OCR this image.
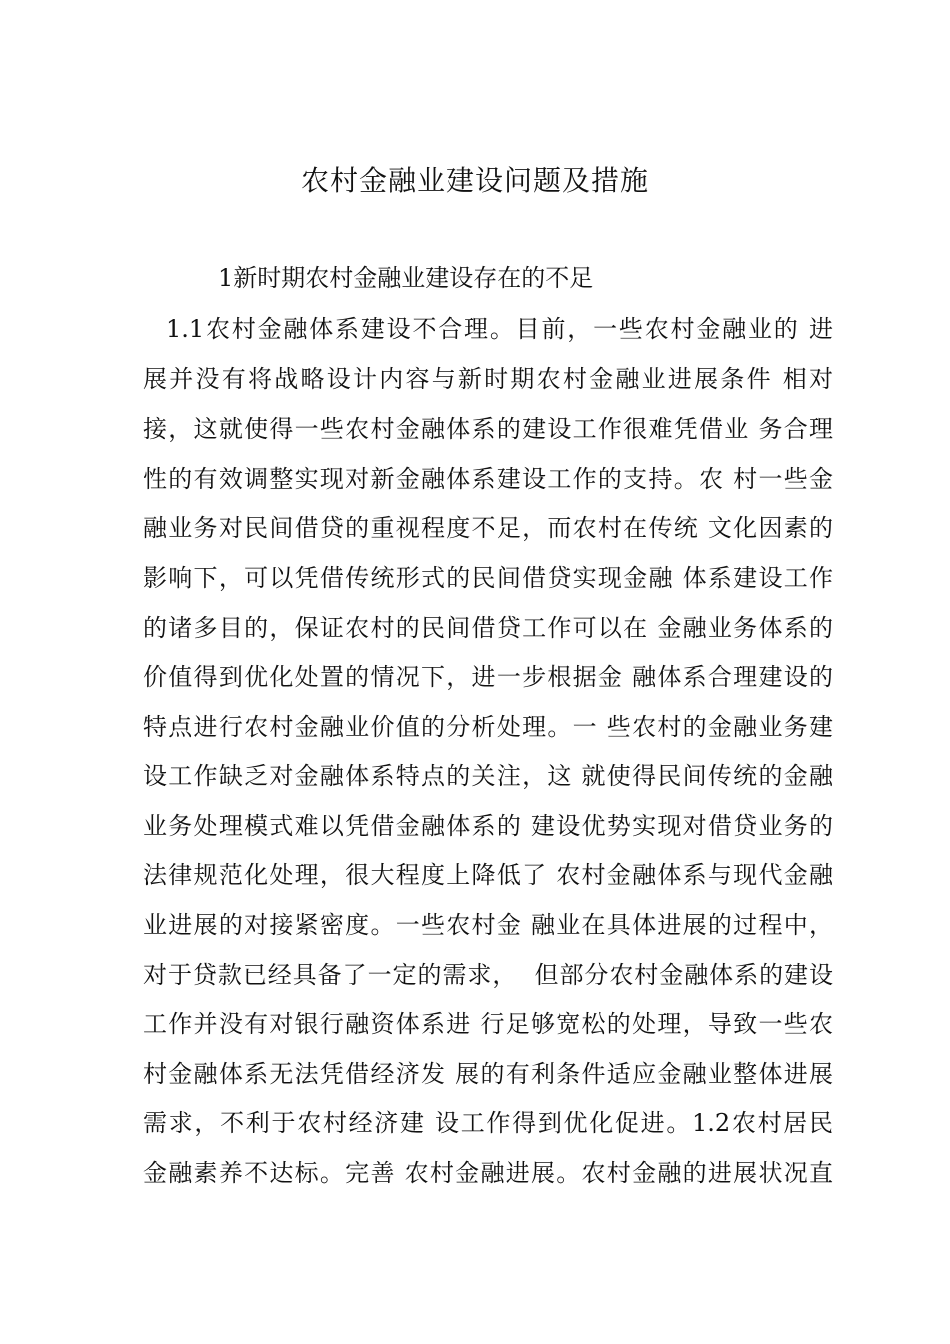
农村金融业建设问题及措施
1新时期农村金融业建设存在的不足
1.1农村金融体系建设不合理。目前，一些农村金融业的 进
展并没有将战略设计内容与新时期农村金融业进展条件 相对
接，这就使得一些农村金融体系的建设工作很难凭借业 务合理
性的有效调整实现对新金融体系建设工作的支持。农 村一些金
融业务对民间借贷的重视程度不足，而农村在传统 文化因素的
影响下，可以凭借传统形式的民间借贷实现金融 体系建设工作
的诸多目的，保证农村的民间借贷工作可以在 金融业务体系的
价值得到优化处置的情况下，进一步根据金 融体系合理建设的
特点进行农村金融业价值的分析处理。一 些农村的金融业务建
设工作缺乏对金融体系特点的关注，这 就使得民间传统的金融
业务处理模式难以凭借金融体系的 建设优势实现对借贷业务的
法律规范化处理，很大程度上降低了 农村金融体系与现代金融
业进展的对接紧密度。一些农村金 融业在具体进展的过程中，
对于贷款已经具备了一定的需求，  但部分农村金融体系的建设
工作并没有对银行融资体系进 行足够宽松的处理，导致一些农
村金融体系无法凭借经济发 展的有利条件适应金融业整体进展
需求，不利于农村经济建 设工作得到优化促进。1.2农村居民
金融素养不达标。完善 农村金融进展。农村金融的进展状况直
